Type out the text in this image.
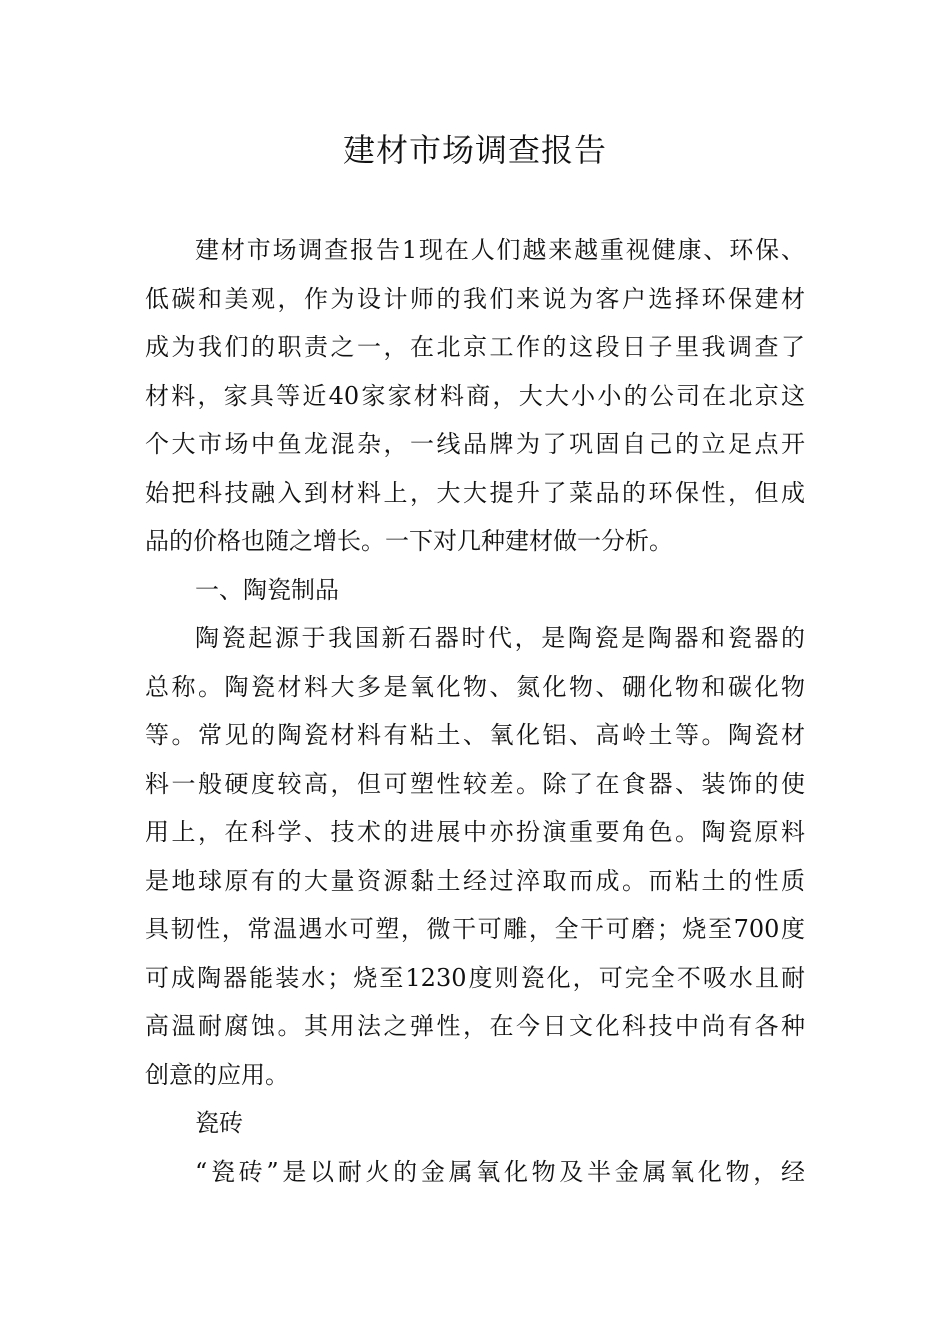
建材市场调查报告
建材市场调查报告1现在人们越来越重视健康、环保、
低碳和美观，作为设计师的我们来说为客户选择环保建材
成为我们的职责之一，在北京工作的这段日子里我调查了
材料，家具等近40家家材料商，大大小小的公司在北京这
个大市场中鱼龙混杂，一线品牌为了巩固自己的立足点开
始把科技融入到材料上，大大提升了菜品的环保性，但成
品的价格也随之增长。一下对几种建材做一分析。
一、陶瓷制品
陶瓷起源于我国新石器时代，是陶瓷是陶器和瓷器的
总称。陶瓷材料大多是氧化物、氮化物、硼化物和碳化物
等。常见的陶瓷材料有粘土、氧化铝、高岭土等。陶瓷材
料一般硬度较高，但可塑性较差。除了在食器、装饰的使
用上，在科学、技术的进展中亦扮演重要角色。陶瓷原料
是地球原有的大量资源黏土经过淬取而成。而粘土的性质
具韧性，常温遇水可塑，微干可雕，全干可磨；烧至700度
可成陶器能装水；烧至1230度则瓷化，可完全不吸水且耐
高温耐腐蚀。其用法之弹性，在今日文化科技中尚有各种
创意的应用。
瓷砖
“瓷砖”是以耐火的金属氧化物及半金属氧化物，经
